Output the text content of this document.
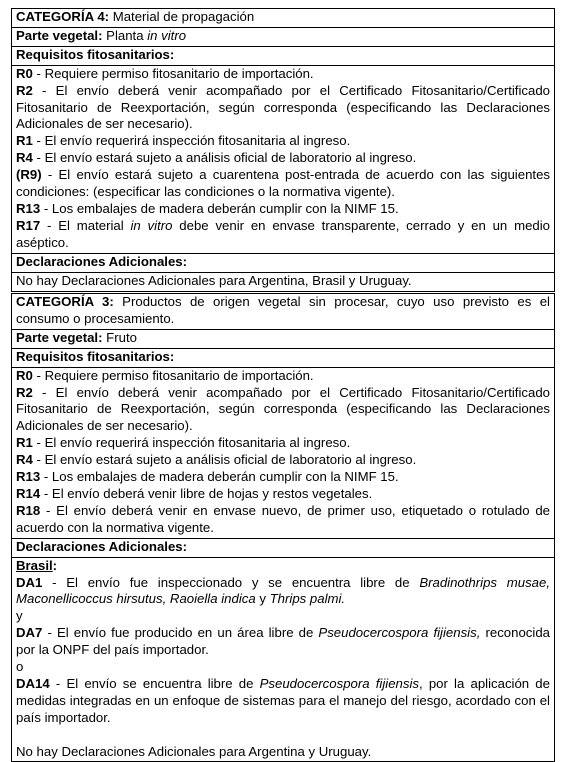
CATEGORÍA 4: Material de propagación
Parte vegetal: Planta in vitro
Requisitos fitosanitarios:

R0 - Requiere permiso fitosanitario de importación.
R2 - El envío deberá venir acompañado por el Certificado Fitosanitario/Certificado Fitosanitario de Reexportación, según corresponda (especificando las Declaraciones Adicionales de ser necesario).
R1 - El envío requerirá inspección fitosanitaria al ingreso.
R4 - El envío estará sujeto a análisis oficial de laboratorio al ingreso.
(R9) - El envío estará sujeto a cuarentena post-entrada de acuerdo con las siguientes condiciones: (especificar las condiciones o la normativa vigente).
R13 - Los embalajes de madera deberán cumplir con la NIMF 15.
R17 - El material in vitro debe venir en envase transparente, cerrado y en un medio aséptico.

Declaraciones Adicionales:
No hay Declaraciones Adicionales para Argentina, Brasil y Uruguay.
CATEGORÍA 3: Productos de origen vegetal sin procesar, cuyo uso previsto es el consumo o procesamiento.
Parte vegetal: Fruto
Requisitos fitosanitarios:

R0 - Requiere permiso fitosanitario de importación.
R2 - El envío deberá venir acompañado por el Certificado Fitosanitario/Certificado Fitosanitario de Reexportación, según corresponda (especificando las Declaraciones Adicionales de ser necesario).
R1 - El envío requerirá inspección fitosanitaria al ingreso.
R4 - El envío estará sujeto a análisis oficial de laboratorio al ingreso.
R13 - Los embalajes de madera deberán cumplir con la NIMF 15.
R14 - El envío deberá venir libre de hojas y restos vegetales.
R18 - El envío deberá venir en envase nuevo, de primer uso, etiquetado o rotulado de acuerdo con la normativa vigente.

Declaraciones Adicionales:

Brasil:
DA1 - El envío fue inspeccionado y se encuentra libre de Bradinothrips musae, Maconellicoccus hirsutus, Raoiella indica y Thrips palmi.
y
DA7 - El envío fue producido en un área libre de Pseudocercospora fijiensis, reconocida por la ONPF del país importador.
o
DA14 - El envío se encuentra libre de Pseudocercospora fijiensis, por la aplicación de medidas integradas en un enfoque de sistemas para el manejo del riesgo, acordado con el país importador.
No hay Declaraciones Adicionales para Argentina y Uruguay.
